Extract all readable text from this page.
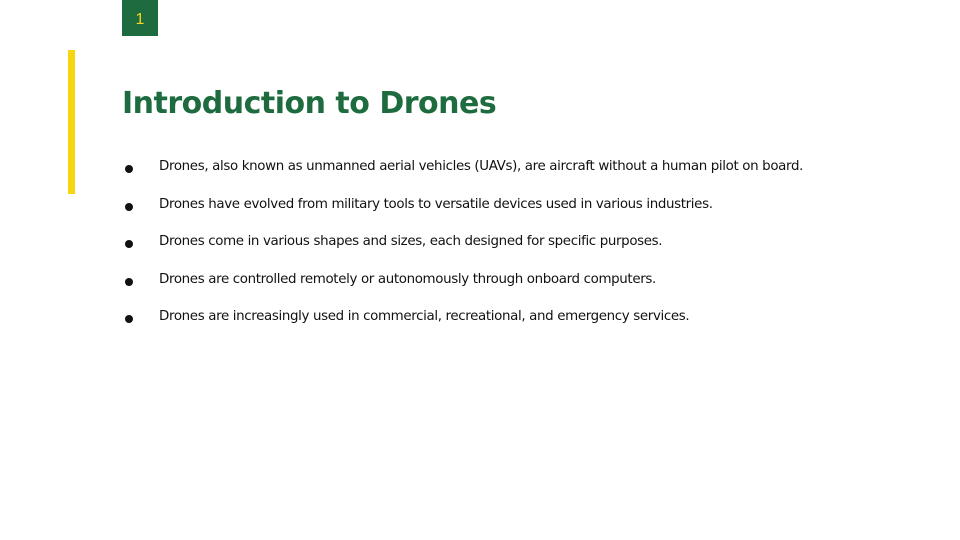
1
Introduction to Drones
Drones, also known as unmanned aerial vehicles (UAVs), are aircraft without a human pilot on board.
Drones have evolved from military tools to versatile devices used in various industries.
Drones come in various shapes and sizes, each designed for specific purposes.
Drones are controlled remotely or autonomously through onboard computers.
Drones are increasingly used in commercial, recreational, and emergency services.
